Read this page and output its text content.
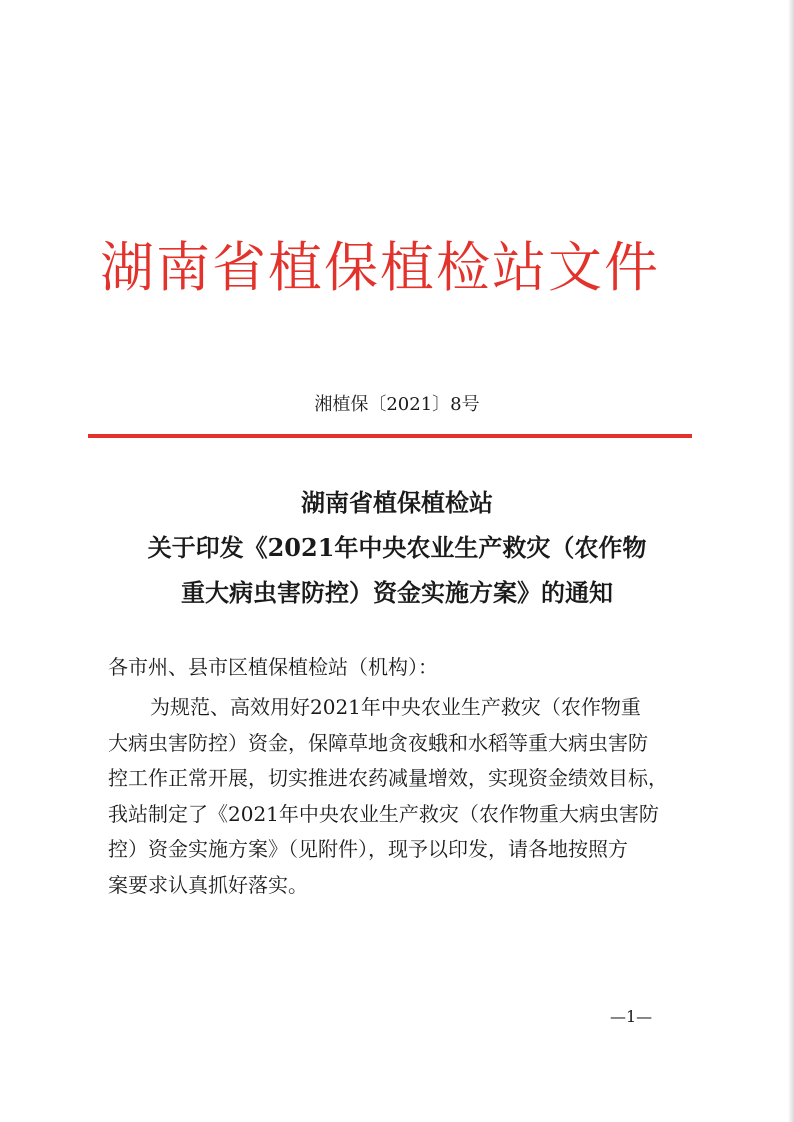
湖南省植保植检站文件
湘植保〔2021〕8号
湖南省植保植检站
关于印发《2021年中央农业生产救灾（农作物
重大病虫害防控）资金实施方案》的通知
各市州、县市区植保植检站（机构）：
为规范、高效用好2021年中央农业生产救灾（农作物重
大病虫害防控）资金，保障草地贪夜蛾和水稻等重大病虫害防
控工作正常开展，切实推进农药减量增效，实现资金绩效目标，
我站制定了《2021年中央农业生产救灾（农作物重大病虫害防
控）资金实施方案》（见附件），现予以印发，请各地按照方
案要求认真抓好落实。
—1—
